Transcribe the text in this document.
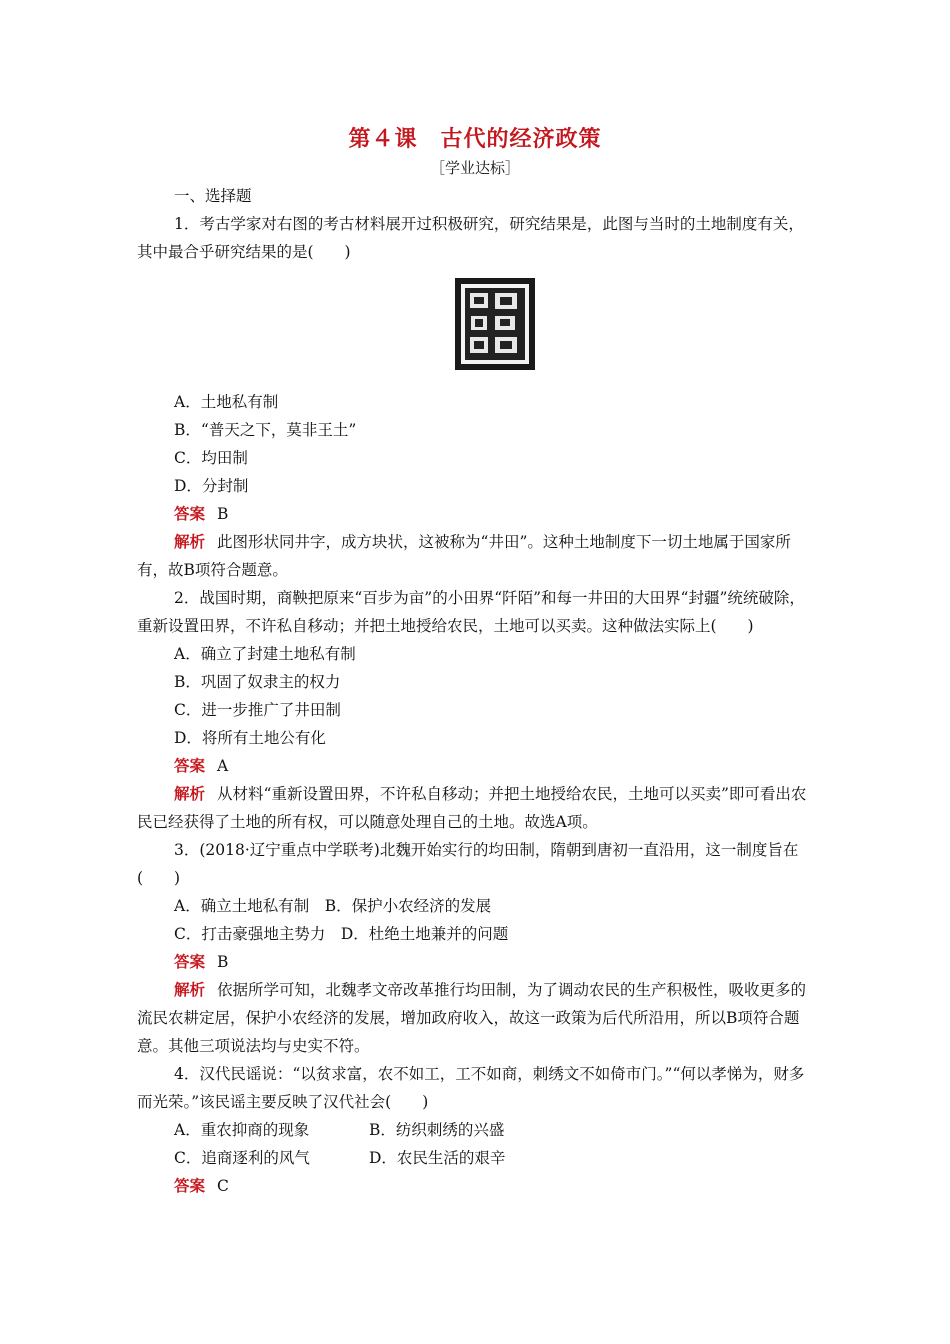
第４课　古代的经济政策
［学业达标］

一、选择题

1．考古学家对右图的考古材料展开过积极研究，研究结果是，此图与当时的土地制度有关，其中最合乎研究结果的是(　　)

A．土地私有制

B．“普天之下，莫非王土”

C．均田制

D．分封制

答案 B

解析 此图形状同井字，成方块状，这被称为“井田”。这种土地制度下一切土地属于国家所有，故B项符合题意。

2．战国时期，商鞅把原来“百步为亩”的小田界“阡陌”和每一井田的大田界“封疆”统统破除，重新设置田界，不许私自移动；并把土地授给农民，土地可以买卖。这种做法实际上(　　)

A．确立了封建土地私有制

B．巩固了奴隶主的权力

C．进一步推广了井田制

D．将所有土地公有化

答案 A

解析 从材料“重新设置田界，不许私自移动；并把土地授给农民，土地可以买卖”即可看出农民已经获得了土地的所有权，可以随意处理自己的土地。故选A项。

3．(2018·辽宁重点中学联考)北魏开始实行的均田制，隋朝到唐初一直沿用，这一制度旨在(　　)

A．确立土地私有制　B．保护小农经济的发展

C．打击豪强地主势力　D．杜绝土地兼并的问题

答案 B

解析 依据所学可知，北魏孝文帝改革推行均田制，为了调动农民的生产积极性，吸收更多的流民农耕定居，保护小农经济的发展，增加政府收入，故这一政策为后代所沿用，所以B项符合题意。其他三项说法均与史实不符。

4．汉代民谣说：“以贫求富，农不如工，工不如商，刺绣文不如倚市门。”“何以孝悌为，财多而光荣。”该民谣主要反映了汉代社会(　　)

A．重农抑商的现象	B．纺织刺绣的兴盛

C．追商逐利的风气	D．农民生活的艰辛

答案 C
